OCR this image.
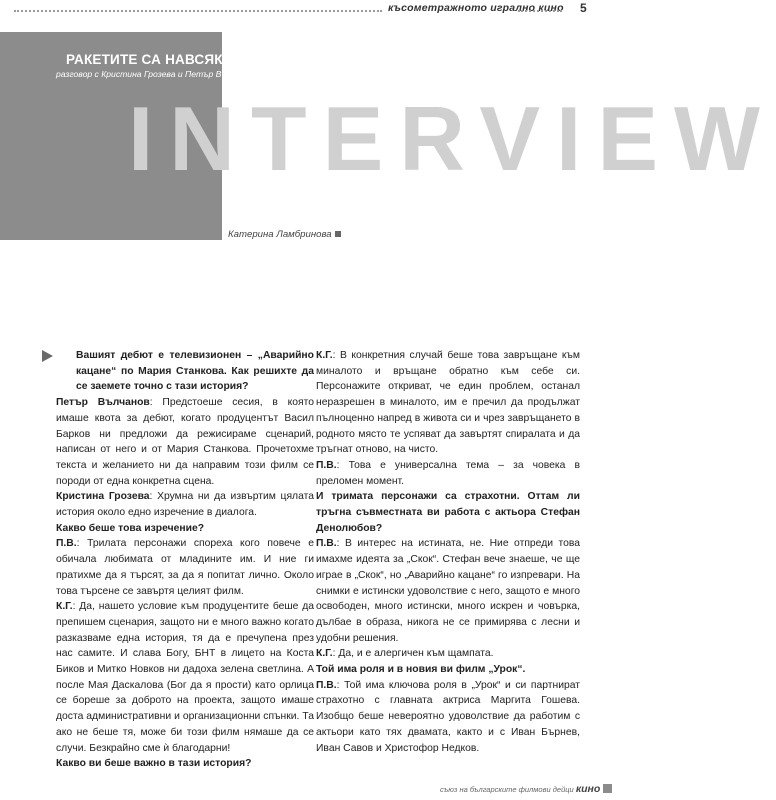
късометражното игрално кино 5
РАКЕТИТЕ СА НАВСЯКЪДЕ
разговор с Кристина Грозева и Петър Вълчанов
INTERVIEW
Катерина Ламбринова

Вашият дебют е телевизионен – „Аварийно кацане“ по Мария Станкова. Как решихте да се заемете точно с тази история?

Петър Вълчанов: Предстоеше сесия, в която имаше квота за дебют, когато продуцентът Васил Барков ни предложи да режисираме сценарий, написан от него и от Мария Станкова. Прочетохме текста и желанието ни да направим този филм се породи от една конкретна сцена.

Кристина Грозева: Хрумна ни да извъртим цялата история около едно изречение в диалога.

Какво беше това изречение?

П.В.: Трилата персонажи спореха кого повече е обичала любимата от младините им. И ние ги пратихме да я търсят, за да я попитат лично. Около това търсене се завъртя целият филм.

К.Г.: Да, нашето условие към продуцентите беше да препишем сценария, защото ни е много важно когато разказваме една история, тя да е пречупена през нас самите. И слава Богу, БНТ в лицето на Коста Биков и Митко Новков ни дадоха зелена светлина. А после Мая Даскалова (Бог да я прости) като орлица се бореше за доброто на проекта, защото имаше доста административни и организационни спънки. Та ако не беше тя, може би този филм нямаше да се случи. Безкрайно сме ѝ благодарни!

Какво ви беше важно в тази история?

К.Г.: В конкретния случай беше това завръщане към миналото и връщане обратно към себе си. Персонажите откриват, че един проблем, останал неразрешен в миналото, им е пречил да продължат пълноценно напред в живота си и чрез завръщането в родното място те успяват да завъртят спиралата и да тръгнат отново, на чисто.

П.В.: Това е универсална тема – за човека в преломен момент.

И тримата персонажи са страхотни. Оттам ли тръгна съвместната ви работа с актьора Стефан Денолюбов?

П.В.: В интерес на истината, не. Ние отпреди това имахме идеята за „Скок“. Стефан вече знаеше, че ще играе в „Скок“, но „Аварийно кацане“ го изпревари. На снимки е истински удоволствие с него, защото е много освободен, много истински, много искрен и човърка, дълбае в образа, никога не се примирява с лесни и удобни решения.

К.Г.: Да, и е алергичен към щампата.

Той има роля и в новия ви филм „Урок“.

П.В.: Той има ключова роля в „Урок“ и си партнират страхотно с главната актриса Маргита Гошева. Изобщо беше невероятно удоволствие да работим с актьори като тях двамата, както и с Иван Бърнев, Иван Савов и Христофор Недков.

съюз на българските филмови дейци кино
